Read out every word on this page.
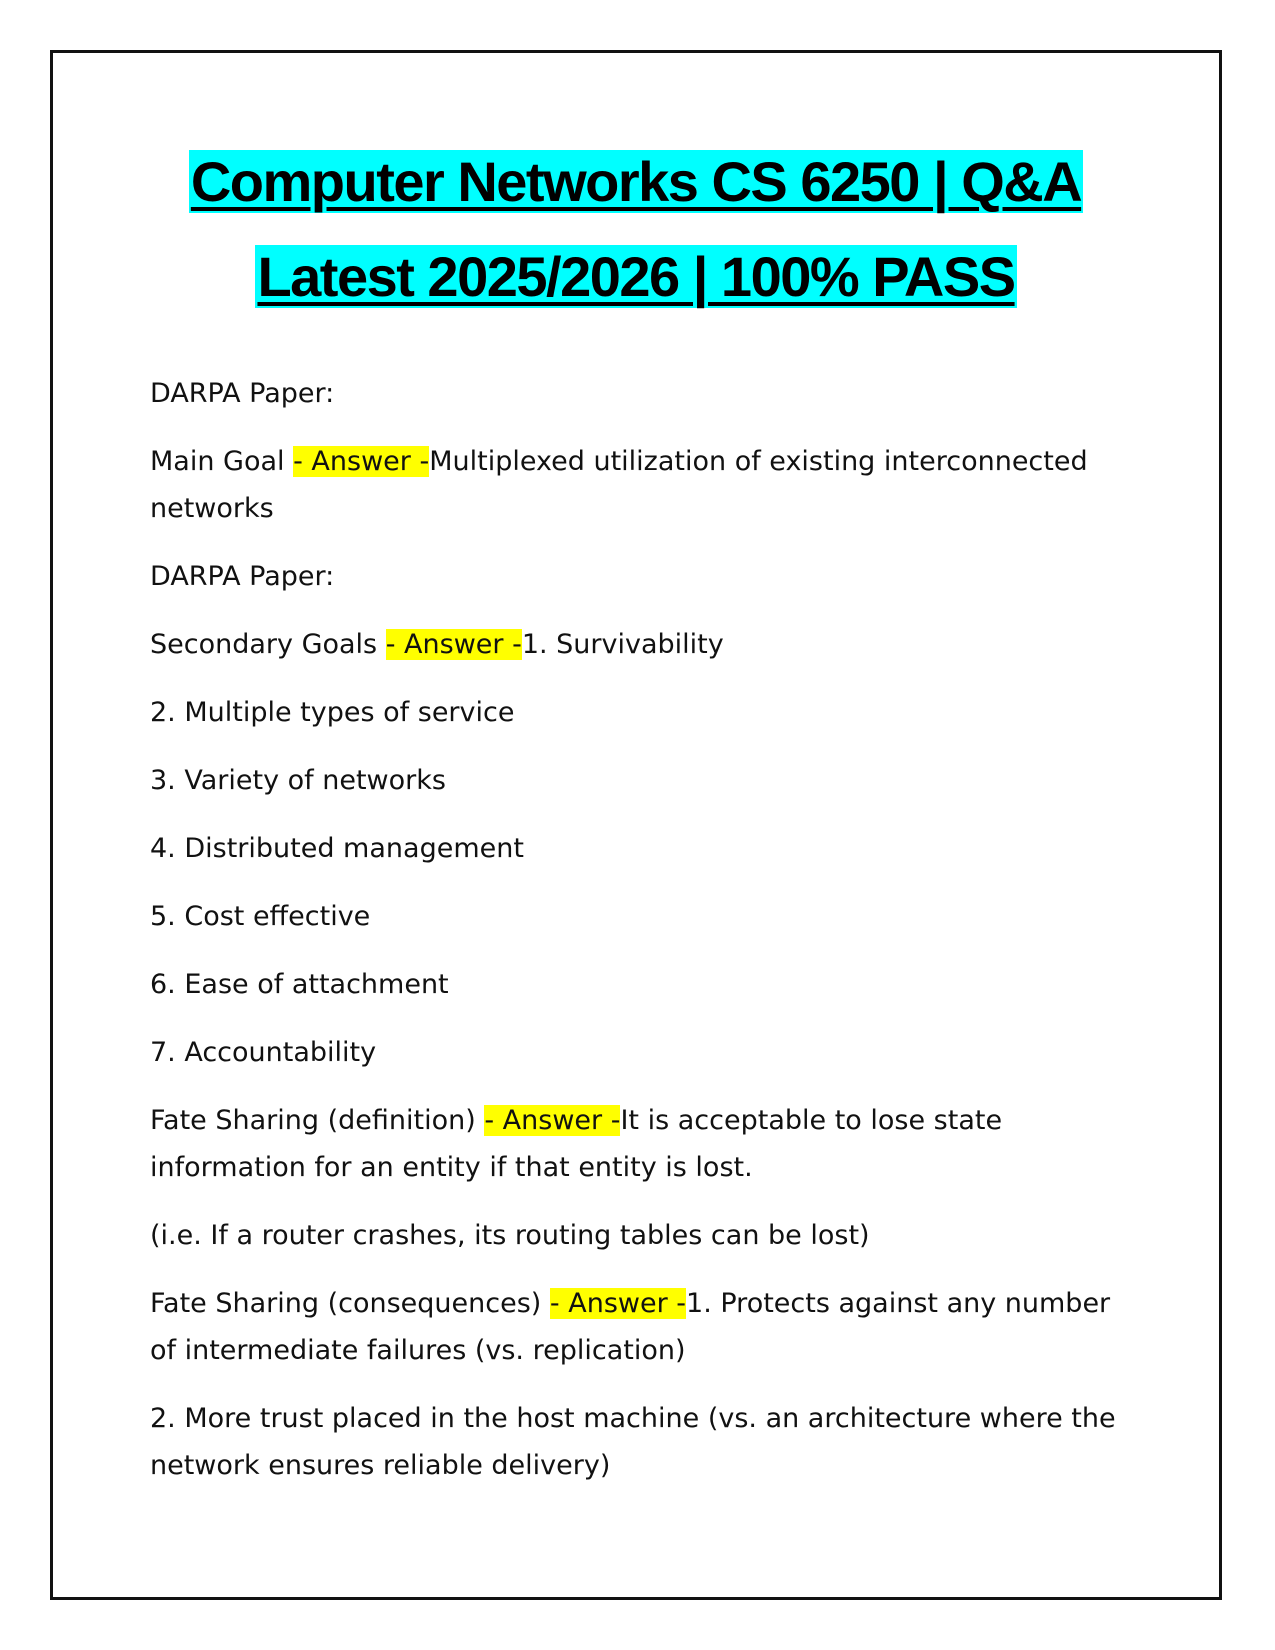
Computer Networks CS 6250 | Q&A
Latest 2025/2026 | 100% PASS

DARPA Paper:

Main Goal - Answer -Multiplexed utilization of existing interconnected networks

DARPA Paper:

Secondary Goals - Answer -1. Survivability

2. Multiple types of service

3. Variety of networks

4. Distributed management

5. Cost effective

6. Ease of attachment

7. Accountability

Fate Sharing (definition) - Answer -It is acceptable to lose state information for an entity if that entity is lost.

(i.e. If a router crashes, its routing tables can be lost)

Fate Sharing (consequences) - Answer -1. Protects against any number of intermediate failures (vs. replication)

2. More trust placed in the host machine (vs. an architecture where the network ensures reliable delivery)
